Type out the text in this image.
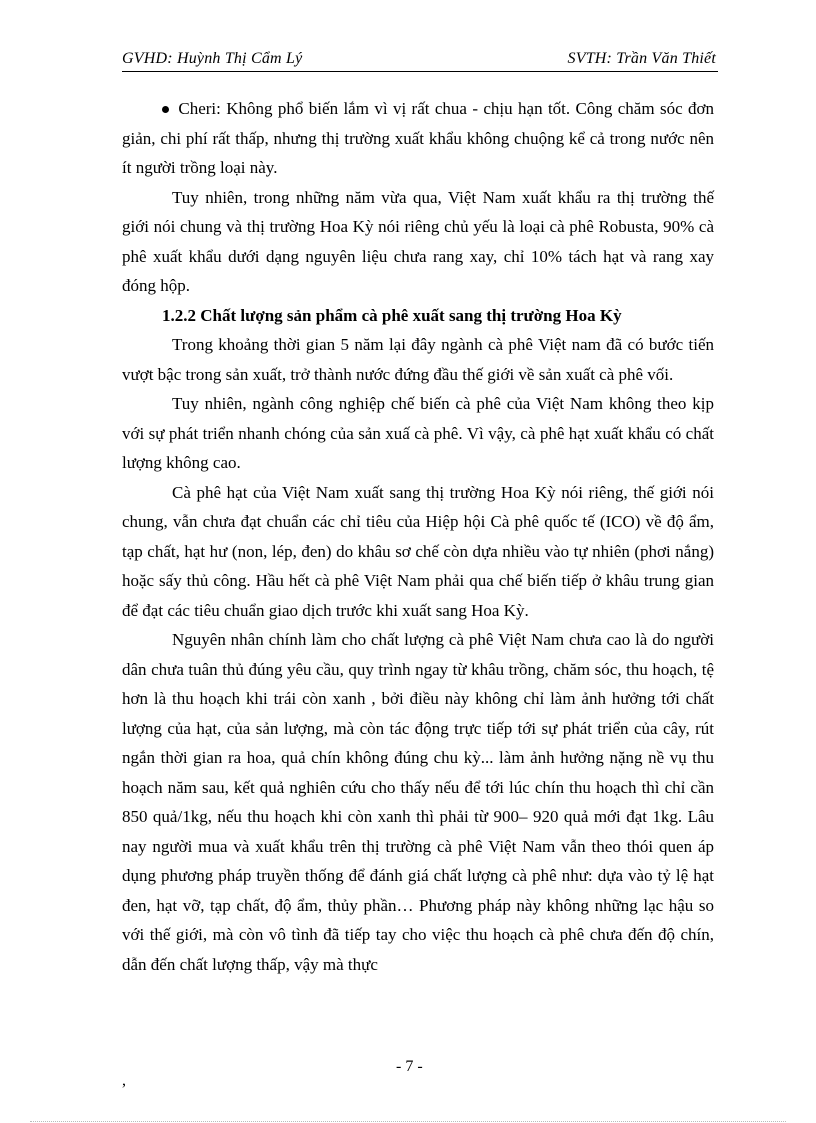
GVHD: Huỳnh Thị Cẩm Lý	SVTH: Trần Văn Thiết

Cheri: Không phổ biến lắm vì vị rất chua - chịu hạn tốt. Công chăm sóc đơn giản, chi phí rất thấp, nhưng thị trường xuất khẩu không chuộng kể cả trong nước nên ít người trồng loại này.

Tuy nhiên, trong những năm vừa qua, Việt Nam xuất khẩu ra thị trường thế giới nói chung và thị trường Hoa Kỳ nói riêng chủ yếu là loại cà phê Robusta, 90% cà phê xuất khẩu dưới dạng nguyên liệu chưa rang xay, chỉ 10% tách hạt và rang xay đóng hộp.

1.2.2 Chất lượng sản phẩm cà phê xuất sang thị trường Hoa Kỳ

Trong khoảng thời gian 5 năm lại đây ngành cà phê Việt nam đã có bước tiến vượt bậc trong sản xuất, trở thành nước đứng đầu thế giới về sản xuất cà phê vối.

Tuy nhiên, ngành công nghiệp chế biến cà phê của Việt Nam không theo kịp với sự phát triển nhanh chóng của sản xuấ cà phê. Vì vậy, cà phê hạt xuất khẩu có chất lượng không cao.

Cà phê hạt của Việt Nam xuất sang thị trường Hoa Kỳ nói riêng, thế giới nói chung, vẫn chưa đạt chuẩn các chỉ tiêu của Hiệp hội Cà phê quốc tế (ICO) về độ ẩm, tạp chất, hạt hư (non, lép, đen) do khâu sơ chế còn dựa nhiều vào tự nhiên (phơi nắng) hoặc sấy thủ công. Hầu hết cà phê Việt Nam phải qua chế biến tiếp ở khâu trung gian để đạt các tiêu chuẩn giao dịch trước khi xuất sang Hoa Kỳ.

Nguyên nhân chính làm cho chất lượng cà phê Việt Nam chưa cao là do người dân chưa tuân thủ đúng yêu cầu, quy trình ngay từ khâu trồng, chăm sóc, thu hoạch, tệ hơn là thu hoạch khi trái còn xanh , bởi điều này không chỉ làm ảnh hưởng tới chất lượng của hạt, của sản lượng, mà còn tác động trực tiếp tới sự phát triển của cây, rút ngắn thời gian ra hoa, quả chín không đúng chu kỳ... làm ảnh hưởng nặng nề vụ thu hoạch năm sau, kết quả nghiên cứu cho thấy nếu để tới lúc chín thu hoạch thì chỉ cần 850 quả/1kg, nếu thu hoạch khi còn xanh thì phải từ 900– 920 quả mới đạt 1kg. Lâu nay người mua và xuất khẩu trên thị trường cà phê Việt Nam vẫn theo thói quen áp dụng phương pháp truyền thống để đánh giá chất lượng cà phê như: dựa vào tỷ lệ hạt đen, hạt vỡ, tạp chất, độ ẩm, thủy phần… Phương pháp này không những lạc hậu so với thế giới, mà còn vô tình đã tiếp tay cho việc thu hoạch cà phê chưa đến độ chín, dẫn đến chất lượng thấp, vậy mà thực

,
- 7 -
